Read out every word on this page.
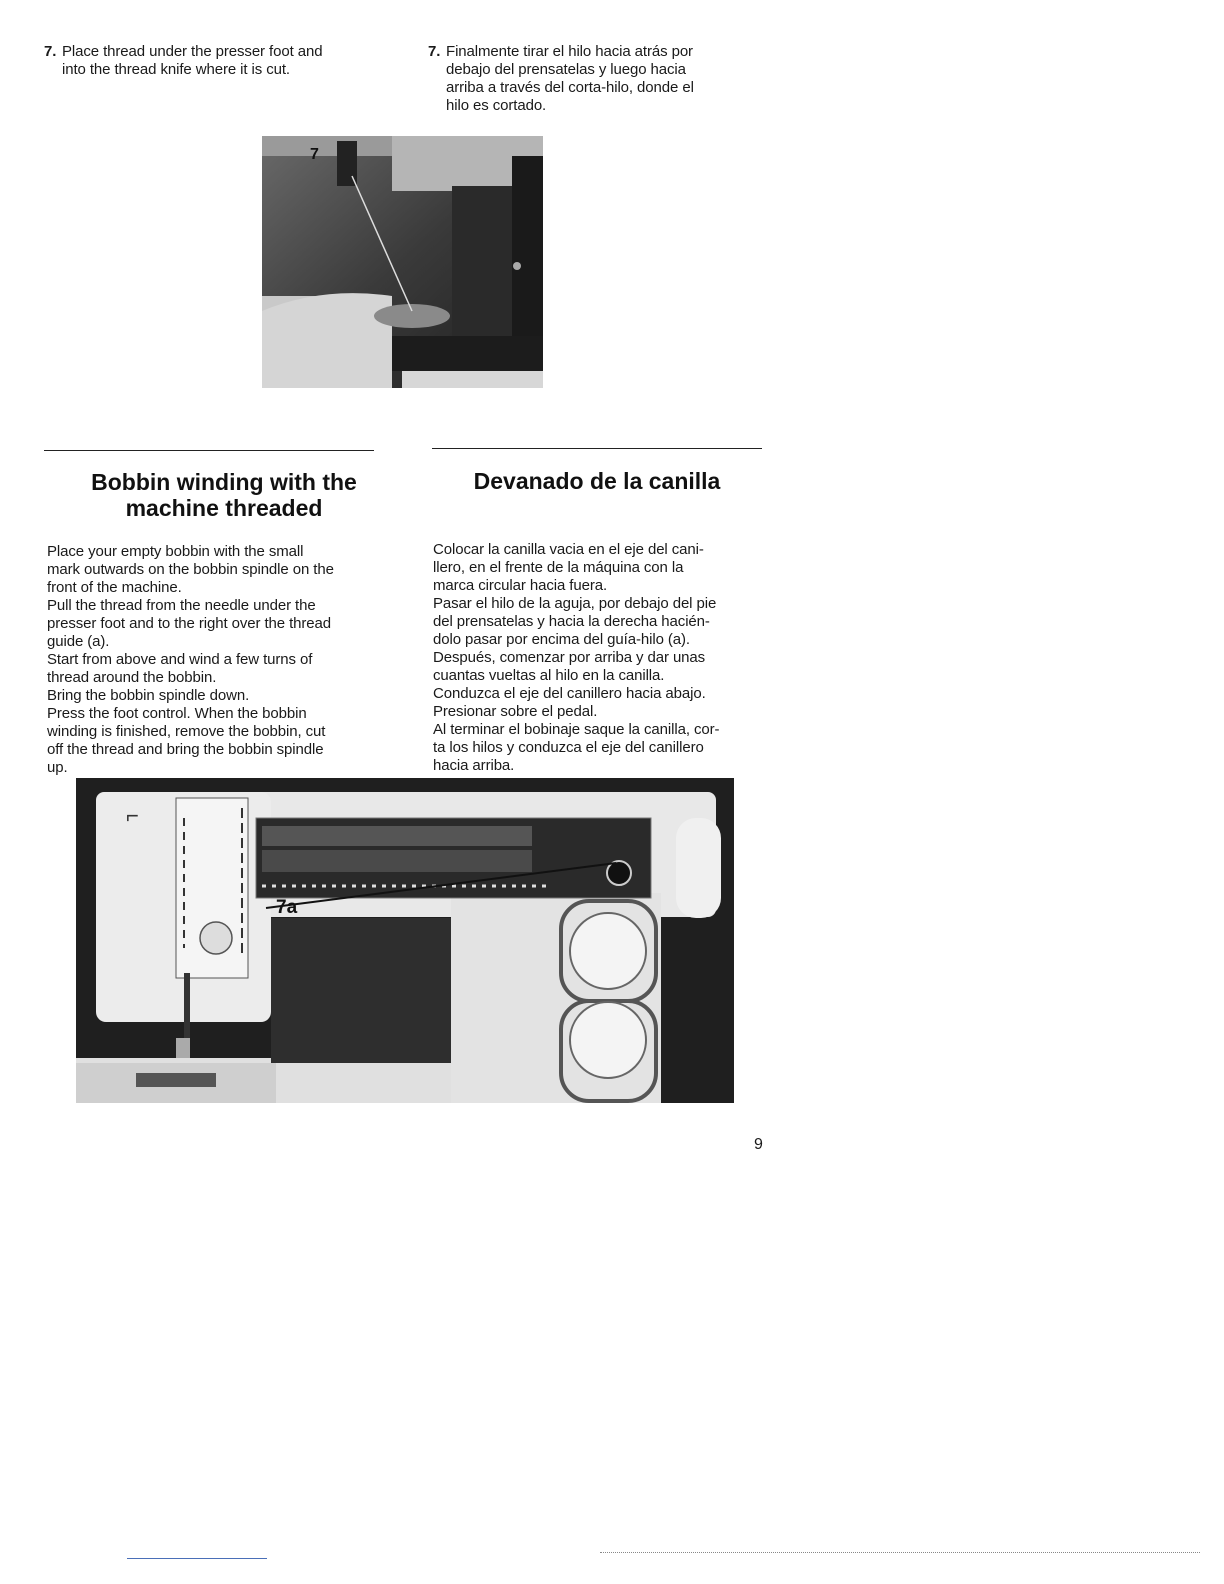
7. Place thread under the presser foot and
into the thread knife where it is cut.
7. Finalmente tirar el hilo hacia atrás por
debajo del prensatelas y luego hacia
arriba a través del corta-hilo, donde el
hilo es cortado.
7
Bobbin winding with the
machine threaded
Devanado de la canilla

Place your empty bobbin with the small

mark outwards on the bobbin spindle on the

front of the machine.

Pull the thread from the needle under the

presser foot and to the right over the thread

guide (a).

Start from above and wind a few turns of

thread around the bobbin.

Bring the bobbin spindle down.

Press the foot control. When the bobbin

winding is finished, remove the bobbin, cut

off the thread and bring the bobbin spindle

up.

Colocar la canilla vacia en el eje del cani-

llero, en el frente de la máquina con la

marca circular hacia fuera.

Pasar el hilo de la aguja, por debajo del pie

del prensatelas y hacia la derecha hacién-

dolo pasar por encima del guía-hilo (a).

Después, comenzar por arriba y dar unas

cuantas vueltas al hilo en la canilla.

Conduzca el eje del canillero hacia abajo.

Presionar sobre el pedal.

Al terminar el bobinaje saque la canilla, cor-

ta los hilos y conduzca el eje del canillero

hacia arriba.

⌐
7a
9
